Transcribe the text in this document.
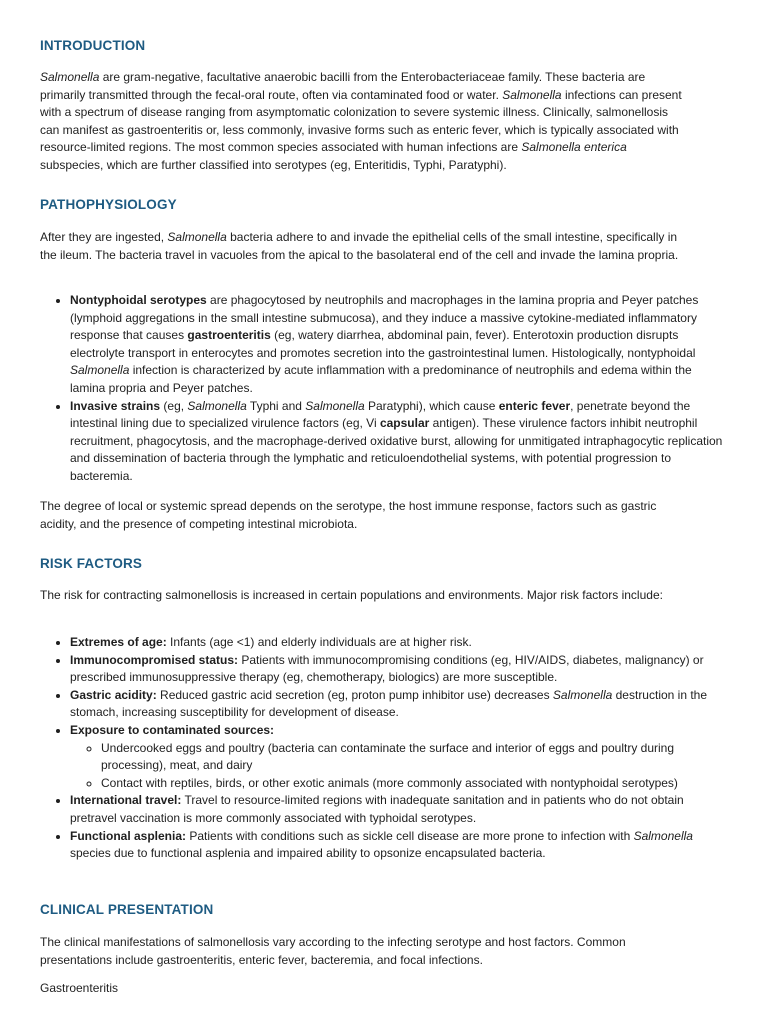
INTRODUCTION

Salmonella are gram-negative, facultative anaerobic bacilli from the Enterobacteriaceae family. These bacteria are primarily transmitted through the fecal-oral route, often via contaminated food or water. Salmonella infections can present with a spectrum of disease ranging from asymptomatic colonization to severe systemic illness. Clinically, salmonellosis can manifest as gastroenteritis or, less commonly, invasive forms such as enteric fever, which is typically associated with resource-limited regions. The most common species associated with human infections are Salmonella enterica subspecies, which are further classified into serotypes (eg, Enteritidis, Typhi, Paratyphi).

PATHOPHYSIOLOGY

After they are ingested, Salmonella bacteria adhere to and invade the epithelial cells of the small intestine, specifically in the ileum. The bacteria travel in vacuoles from the apical to the basolateral end of the cell and invade the lamina propria.

• Nontyphoidal serotypes are phagocytosed by neutrophils and macrophages in the lamina propria and Peyer patches (lymphoid aggregations in the small intestine submucosa), and they induce a massive cytokine-mediated inflammatory response that causes gastroenteritis (eg, watery diarrhea, abdominal pain, fever). Enterotoxin production disrupts electrolyte transport in enterocytes and promotes secretion into the gastrointestinal lumen. Histologically, nontyphoidal Salmonella infection is characterized by acute inflammation with a predominance of neutrophils and edema within the lamina propria and Peyer patches.
• Invasive strains (eg, Salmonella Typhi and Salmonella Paratyphi), which cause enteric fever, penetrate beyond the intestinal lining due to specialized virulence factors (eg, Vi capsular antigen). These virulence factors inhibit neutrophil recruitment, phagocytosis, and the macrophage-derived oxidative burst, allowing for unmitigated intraphagocytic replication and dissemination of bacteria through the lymphatic and reticuloendothelial systems, with potential progression to bacteremia.

The degree of local or systemic spread depends on the serotype, the host immune response, factors such as gastric acidity, and the presence of competing intestinal microbiota.

RISK FACTORS

The risk for contracting salmonellosis is increased in certain populations and environments. Major risk factors include:

• Extremes of age: Infants (age <1) and elderly individuals are at higher risk.
• Immunocompromised status: Patients with immunocompromising conditions (eg, HIV/AIDS, diabetes, malignancy) or prescribed immunosuppressive therapy (eg, chemotherapy, biologics) are more susceptible.
• Gastric acidity: Reduced gastric acid secretion (eg, proton pump inhibitor use) decreases Salmonella destruction in the stomach, increasing susceptibility for development of disease.
• Exposure to contaminated sources:
◦ Undercooked eggs and poultry (bacteria can contaminate the surface and interior of eggs and poultry during processing), meat, and dairy
◦ Contact with reptiles, birds, or other exotic animals (more commonly associated with nontyphoidal serotypes)
• International travel: Travel to resource-limited regions with inadequate sanitation and in patients who do not obtain pretravel vaccination is more commonly associated with typhoidal serotypes.
• Functional asplenia: Patients with conditions such as sickle cell disease are more prone to infection with Salmonella species due to functional asplenia and impaired ability to opsonize encapsulated bacteria.
CLINICAL PRESENTATION

The clinical manifestations of salmonellosis vary according to the infecting serotype and host factors. Common presentations include gastroenteritis, enteric fever, bacteremia, and focal infections.

Gastroenteritis
